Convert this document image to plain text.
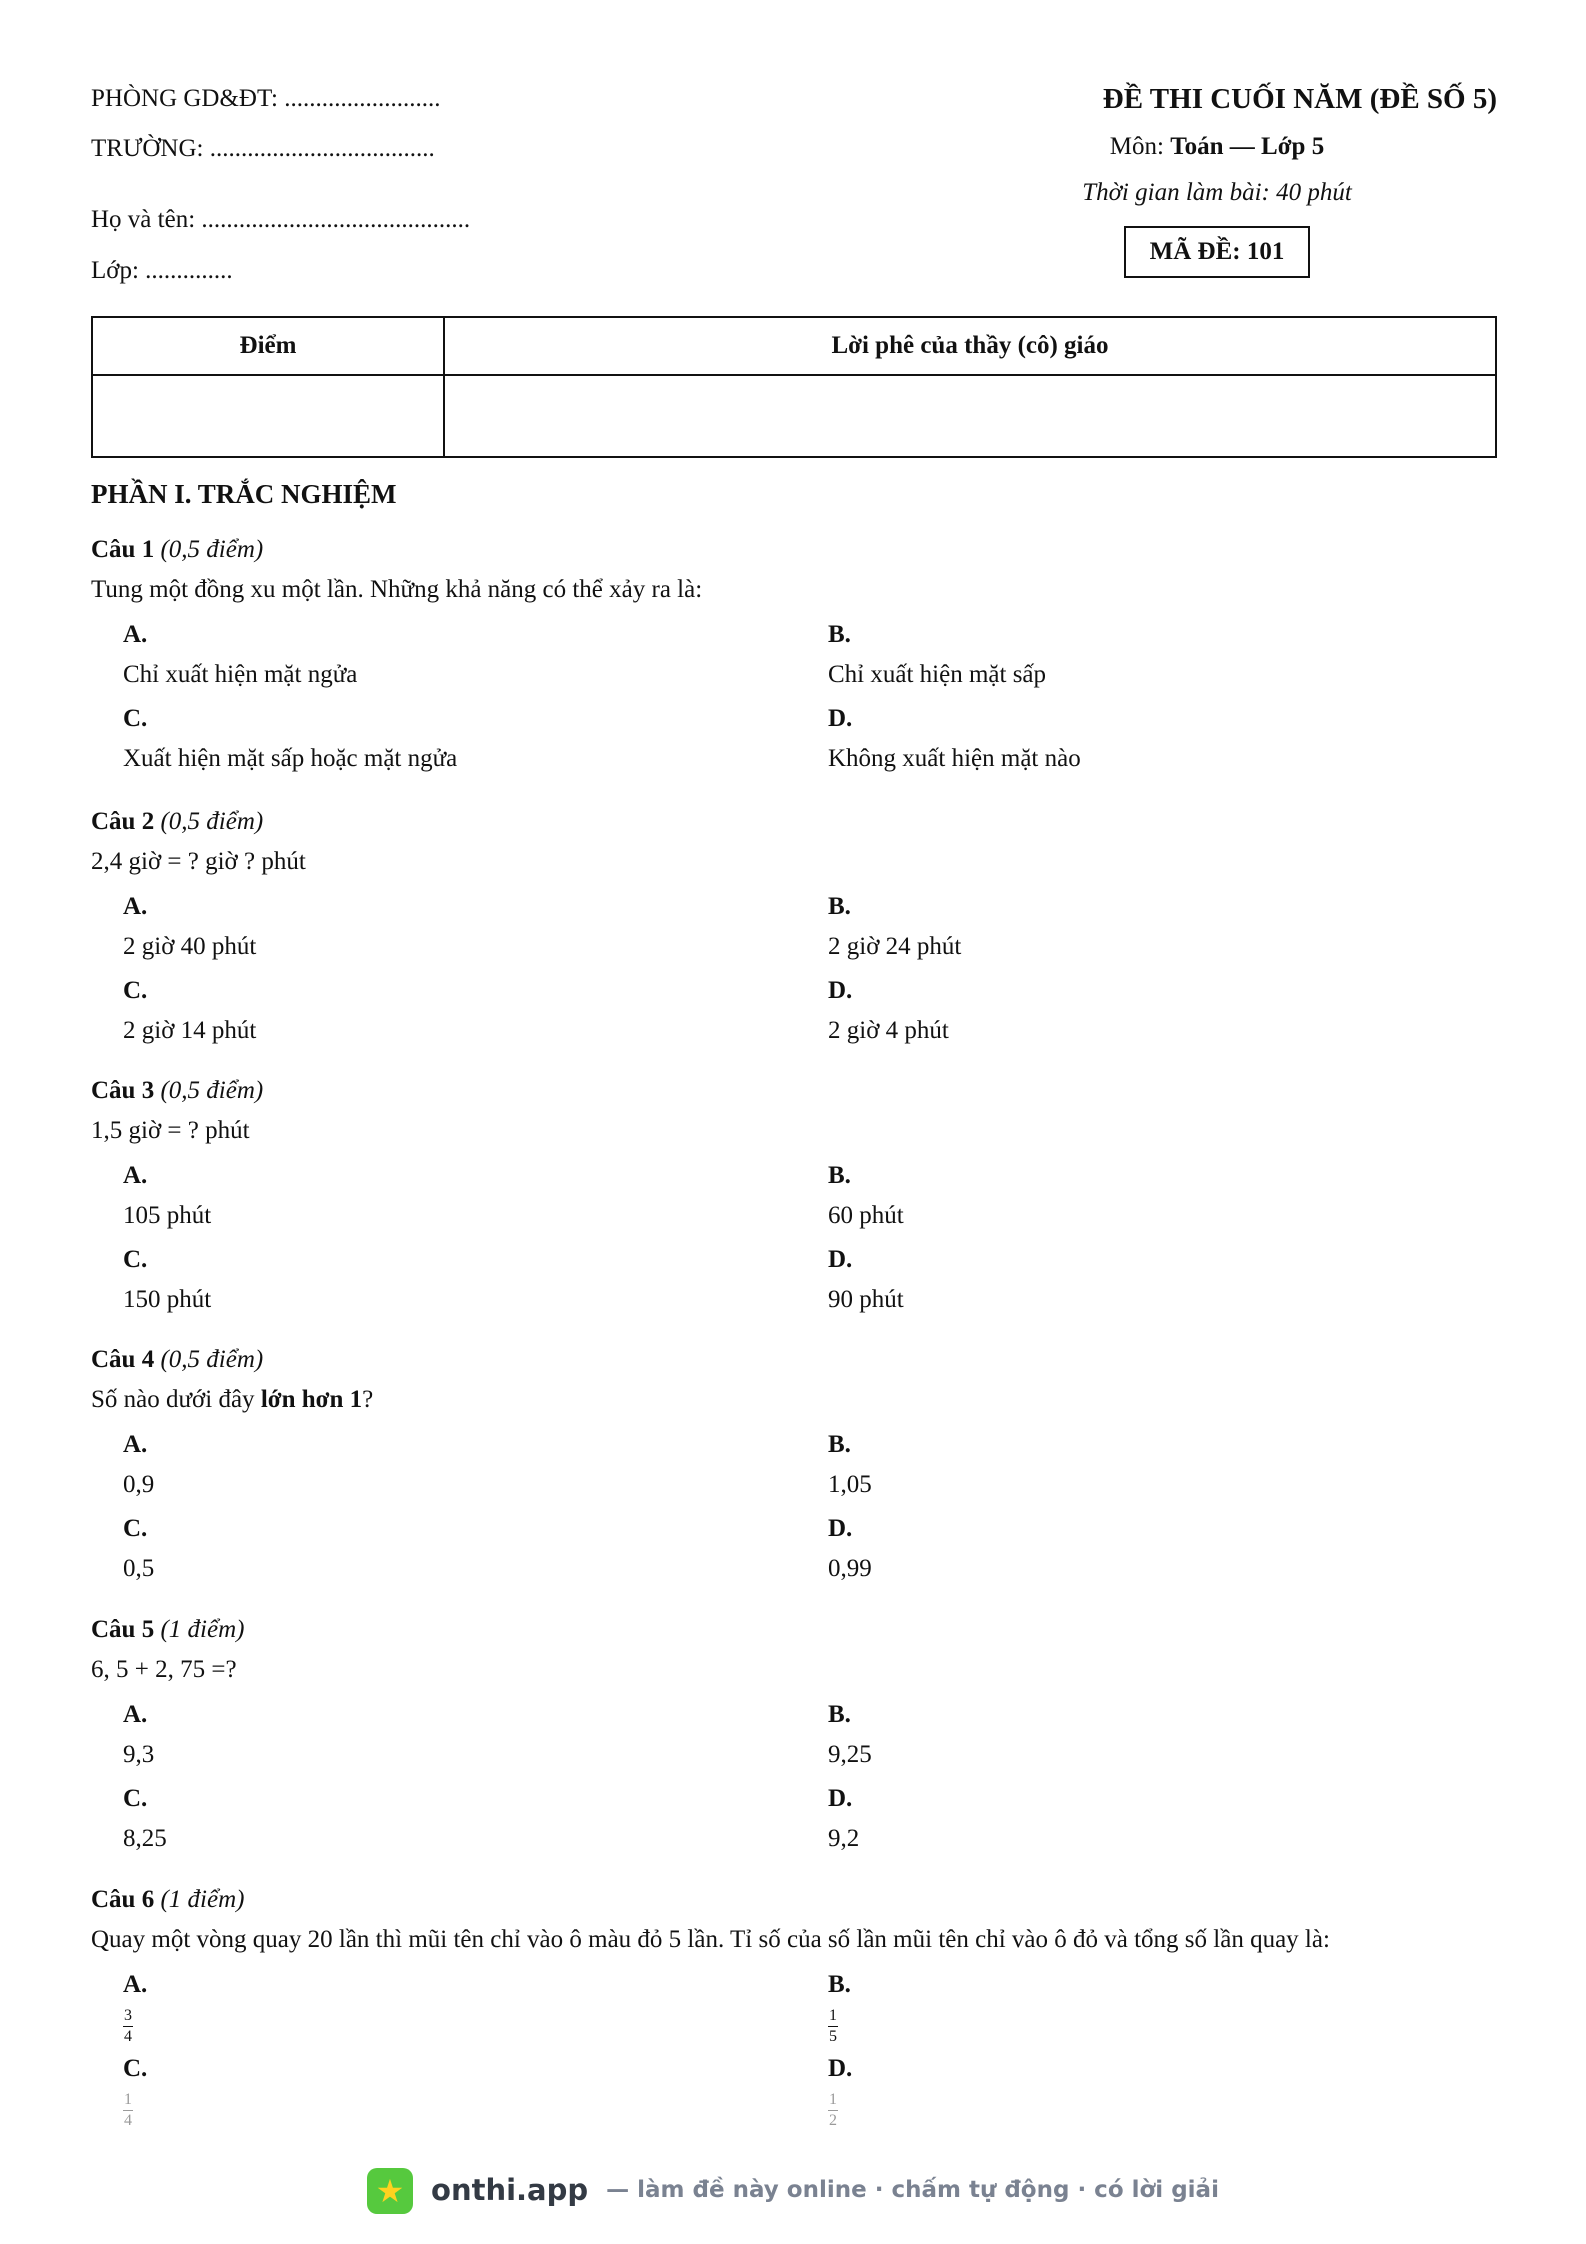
PHÒNG GD&ĐT: .........................
TRƯỜNG: ....................................
Họ và tên: ...........................................
Lớp: ..............
ĐỀ THI CUỐI NĂM (ĐỀ SỐ 5)
Môn: Toán — Lớp 5
Thời gian làm bài: 40 phút
MÃ ĐỀ: 101
Điểm	Lời phê của thầy (cô) giáo

PHẦN I. TRẮC NGHIỆM
Câu 1 (0,5 điểm)
Tung một đồng xu một lần. Những khả năng có thể xảy ra là:
A.
Chỉ xuất hiện mặt ngửa
B.
Chỉ xuất hiện mặt sấp
C.
Xuất hiện mặt sấp hoặc mặt ngửa
D.
Không xuất hiện mặt nào
Câu 2 (0,5 điểm)
2,4 giờ = ? giờ ? phút
A.
2 giờ 40 phút
B.
2 giờ 24 phút
C.
2 giờ 14 phút
D.
2 giờ 4 phút
Câu 3 (0,5 điểm)
1,5 giờ = ? phút
A.
105 phút
B.
60 phút
C.
150 phút
D.
90 phút
Câu 4 (0,5 điểm)
Số nào dưới đây lớn hơn 1?
A.
0,9
B.
1,05
C.
0,5
D.
0,99
Câu 5 (1 điểm)
6, 5 + 2, 75 =?
A.
9,3
B.
9,25
C.
8,25
D.
9,2
Câu 6 (1 điểm)
Quay một vòng quay 20 lần thì mũi tên chỉ vào ô màu đỏ 5 lần. Tỉ số của số lần mũi tên chỉ vào ô đỏ và tổng số lần quay là:
A.
$\frac{3}{4}$
B.
$\frac{1}{5}$
C.
$\frac{1}{4}$
D.
$\frac{1}{2}$
★ onthi.app — làm đề này online · chấm tự động · có lời giải
